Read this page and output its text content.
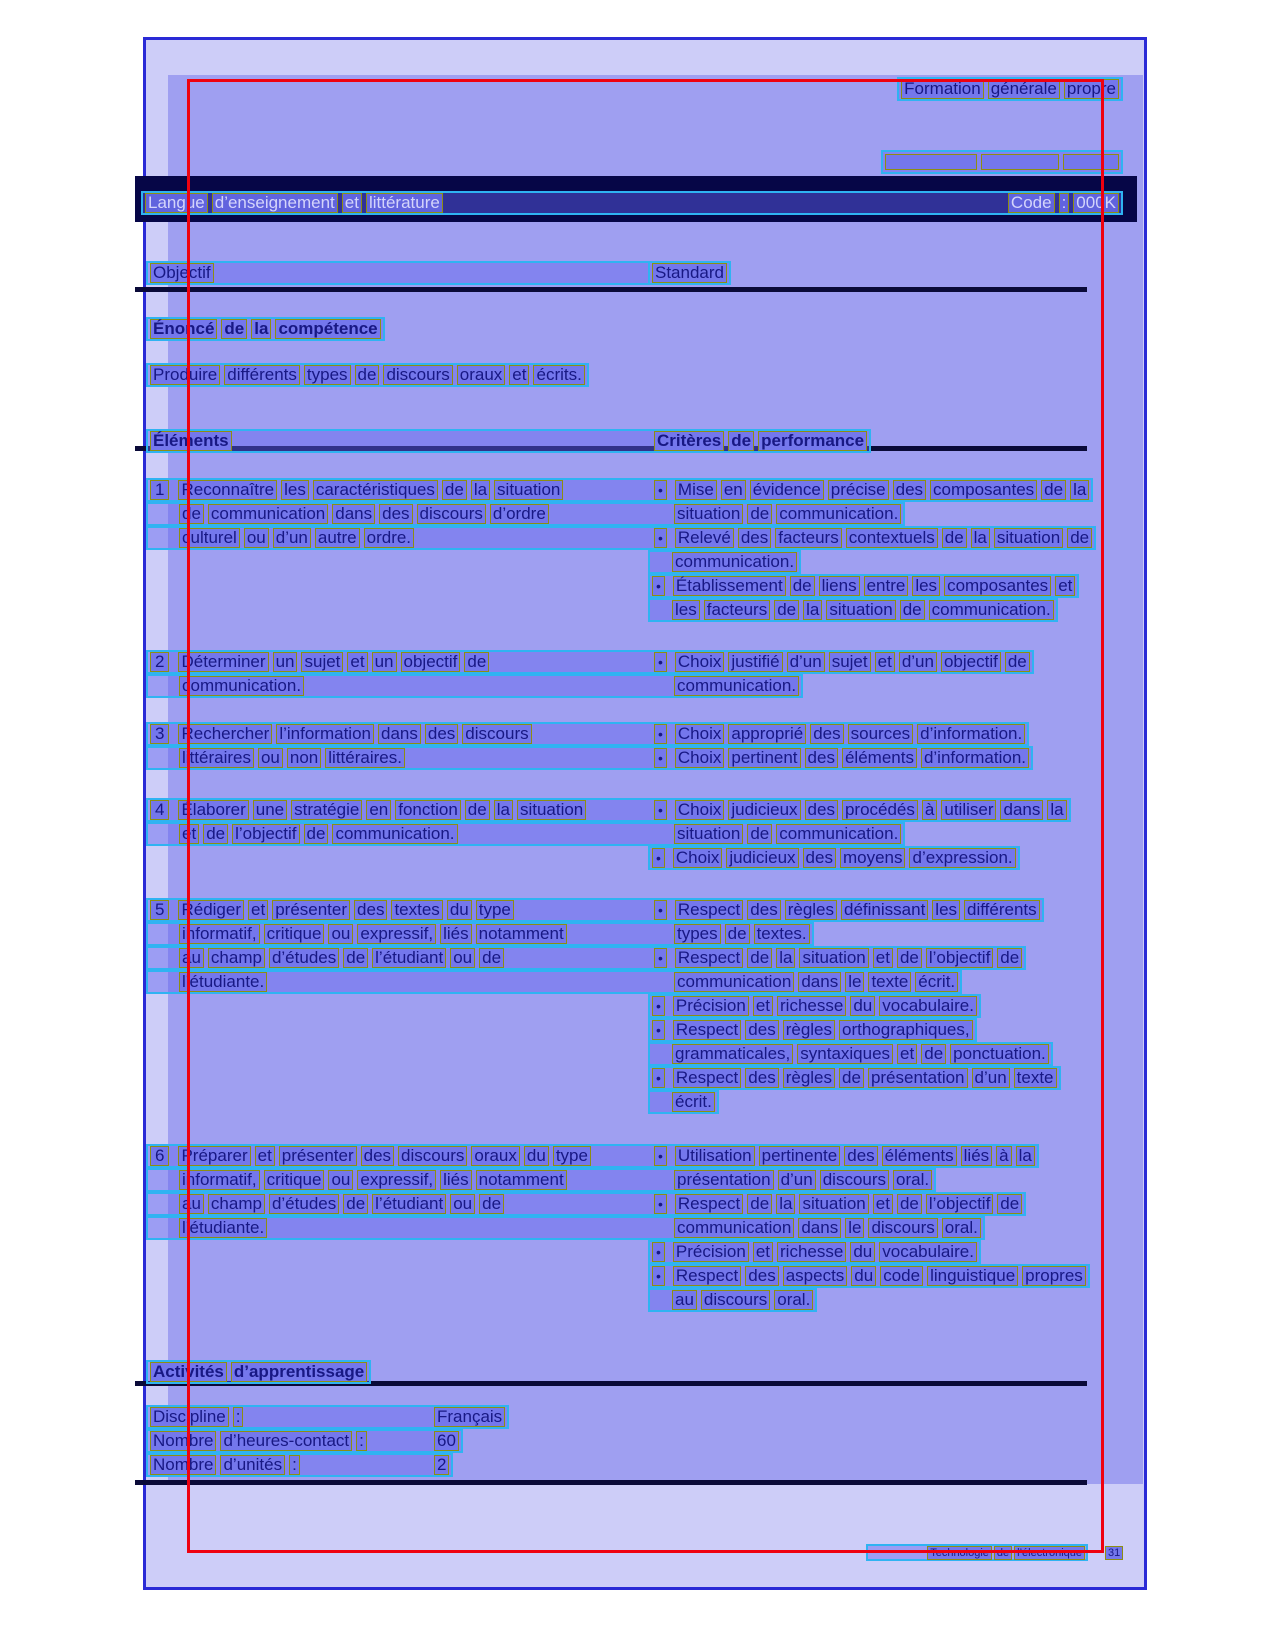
Formation générale propre

Langue d’enseignement et littérature	Code : 000K
Objectif	Standard
Énoncé de la compétence
Produire différents types de discours oraux et écrits.
Éléments	Critères de performance
1 Reconnaître les caractéristiques de la situation	• Mise en évidence précise des composantes de la
de communication dans des discours d’ordre	situation de communication.
culturel ou d’un autre ordre.	• Relevé des facteurs contextuels de la situation de
communication.
• Établissement de liens entre les composantes et
les facteurs de la situation de communication.
2 Déterminer un sujet et un objectif de	• Choix justifié d’un sujet et d’un objectif de
communication.	communication.
3 Rechercher l’information dans des discours	• Choix approprié des sources d’information.
littéraires ou non littéraires.	• Choix pertinent des éléments d’information.
4 Élaborer une stratégie en fonction de la situation	• Choix judicieux des procédés à utiliser dans la
et de l’objectif de communication.	situation de communication.
• Choix judicieux des moyens d’expression.
5 Rédiger et présenter des textes du type	• Respect des règles définissant les différents
informatif, critique ou expressif, liés notamment	types de textes.
au champ d’études de l’étudiant ou de	• Respect de la situation et de l’objectif de
l’étudiante.	communication dans le texte écrit.
• Précision et richesse du vocabulaire.
• Respect des règles orthographiques,
grammaticales, syntaxiques et de ponctuation.
• Respect des règles de présentation d’un texte
écrit.
6 Préparer et présenter des discours oraux du type	• Utilisation pertinente des éléments liés à la
informatif, critique ou expressif, liés notamment	présentation d’un discours oral.
au champ d’études de l’étudiant ou de	• Respect de la situation et de l’objectif de
l’étudiante.	communication dans le discours oral.
• Précision et richesse du vocabulaire.
• Respect des aspects du code linguistique propres
au discours oral.
Activités d’apprentissage
Discipline :	Français
Nombre d’heures-contact :	60
Nombre d’unités :	2
Technologie de l’électronique 31
